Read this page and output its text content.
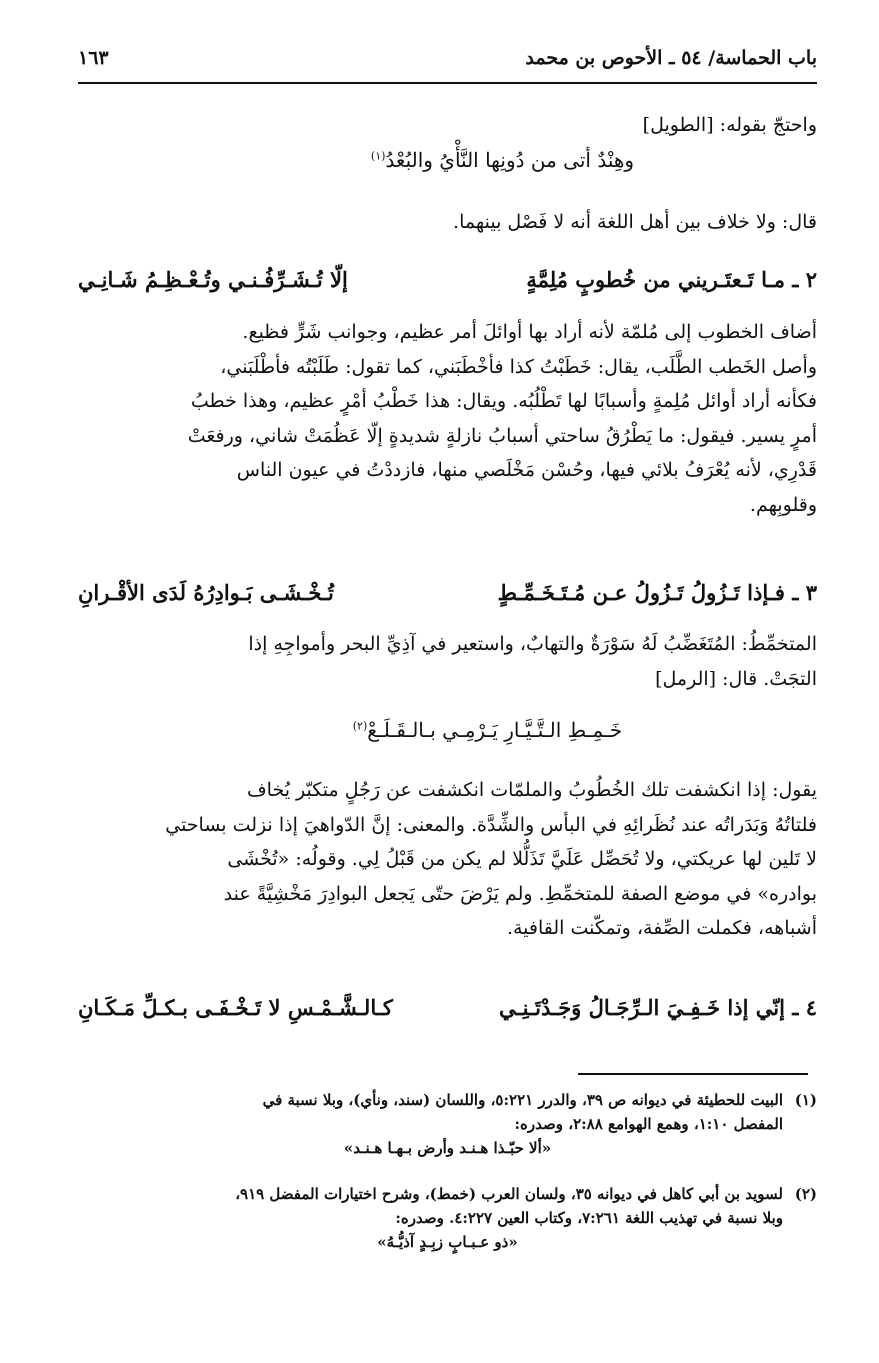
باب الحماسة/ ٥٤ ـ الأحوص بن محمد
١٦٣
واحتجّ بقوله: [الطويل]
وهِنْدٌ أتى من دُونِها النَّأْيُ والبُعْدُ$^{(١)}$
قال: ولا خلاف بين أهل اللغة أنه لا فَصْل بينهما.
٢ ـ مـا تَـعتَـريني من خُطوبٍ مُلِمَّةٍ
إلّا تُـشَـرِّفُـنـي وتُـعْـظِـمُ شَـانِـي
أضاف الخطوب إلى مُلمّة لأنه أراد بها أوائلَ أمر عظيم، وجوانب شَرٍّ فظيع.
وأصل الخَطب الطَّلَب، يقال: خَطَبْتُ كذا فأخْطَبَني، كما تقول: طَلَبْتُه فأطْلَبَني،
فكأنه أراد أوائل مُلِمةٍ وأسبابًا لها تَطْلُبُه. ويقال: هذا خَطْبُ أمْرٍ عظيم، وهذا خطبُ
أمرٍ يسير. فيقول: ما يَطْرُقُ ساحتي أسبابُ نازلةٍ شديدةٍ إلّا عَظُمَتْ شاني، ورفعَتْ
قَدْرِي، لأنه يُعْرَفُ بلائي فيها، وحُسْن مَخْلَصي منها، فازددْتُ في عيون الناس
وقلوبِهم.
٣ ـ فـإذا تَـزُولُ تَـزُولُ عـن مُـتَـخَـمِّـطٍ
تُـخْـشَـى بَـوادِرُهُ لَدَى الأقْـرانِ
المتخمِّطُ: المُتَغَضِّبُ لَهُ سَوْرَةٌ والتهابٌ، واستعير في آذِيِّ البحر وأمواجِهِ إذا
التجَتْ. قال: [الرمل]
خَـمِـطِ الـتَّـيَّـارِ يَـرْمِـي بـالـقَـلَـعْ$^{(٢)}$
يقول: إذا انكشفت تلك الخُطُوبُ والملمّات انكشفت عن رَجُلٍ متكبّر يُخاف
فلتاتُهُ وَبَدَراتُه عند نُظَرائِهِ في البأس والشِّدَّة. والمعنى: إنَّ الدّواهيَ إذا نزلت بساحتي
لا تَلين لها عريكتي، ولا تُحَصِّل عَلَيَّ تَذَلُّلا لم يكن من قَبْلُ لِي. وقولُه: «تُخْشَى
بوادره» في موضع الصفة للمتخمِّطِ. ولم يَرْضَ حتّى يَجعل البوادِرَ مَخْشِيَّةً عند
أشباهه، فكملت الصِّفة، وتمكّنت القافية.
٤ ـ إنّي إذا خَـفِـيَ الـرِّجَـالُ وَجَـدْتَـنِـي
كـالـشَّـمْـسِ لا تَـخْـفَـى بـكـلِّ مَـكَـانِ
(١)البيت للحطيئة في ديوانه ص ٣٩، والدرر ٥:٢٢١، واللسان (سند، ونأي)، وبلا نسبة في
المفصل ١:١٠، وهمع الهوامع ٢:٨٨، وصدره:
«ألا حبّـذا هـنـد وأرض بـهـا هـنـد»
(٢)لسويد بن أبي كاهل في ديوانه ٣٥، ولسان العرب (خمط)، وشرح اختيارات المفضل ٩١٩،
وبلا نسبة في تهذيب اللغة ٧:٢٦١، وكتاب العين ٤:٢٢٧. وصدره:
«ذو عـبـابٍ زبِـدٍ آذيُّـهُ»
